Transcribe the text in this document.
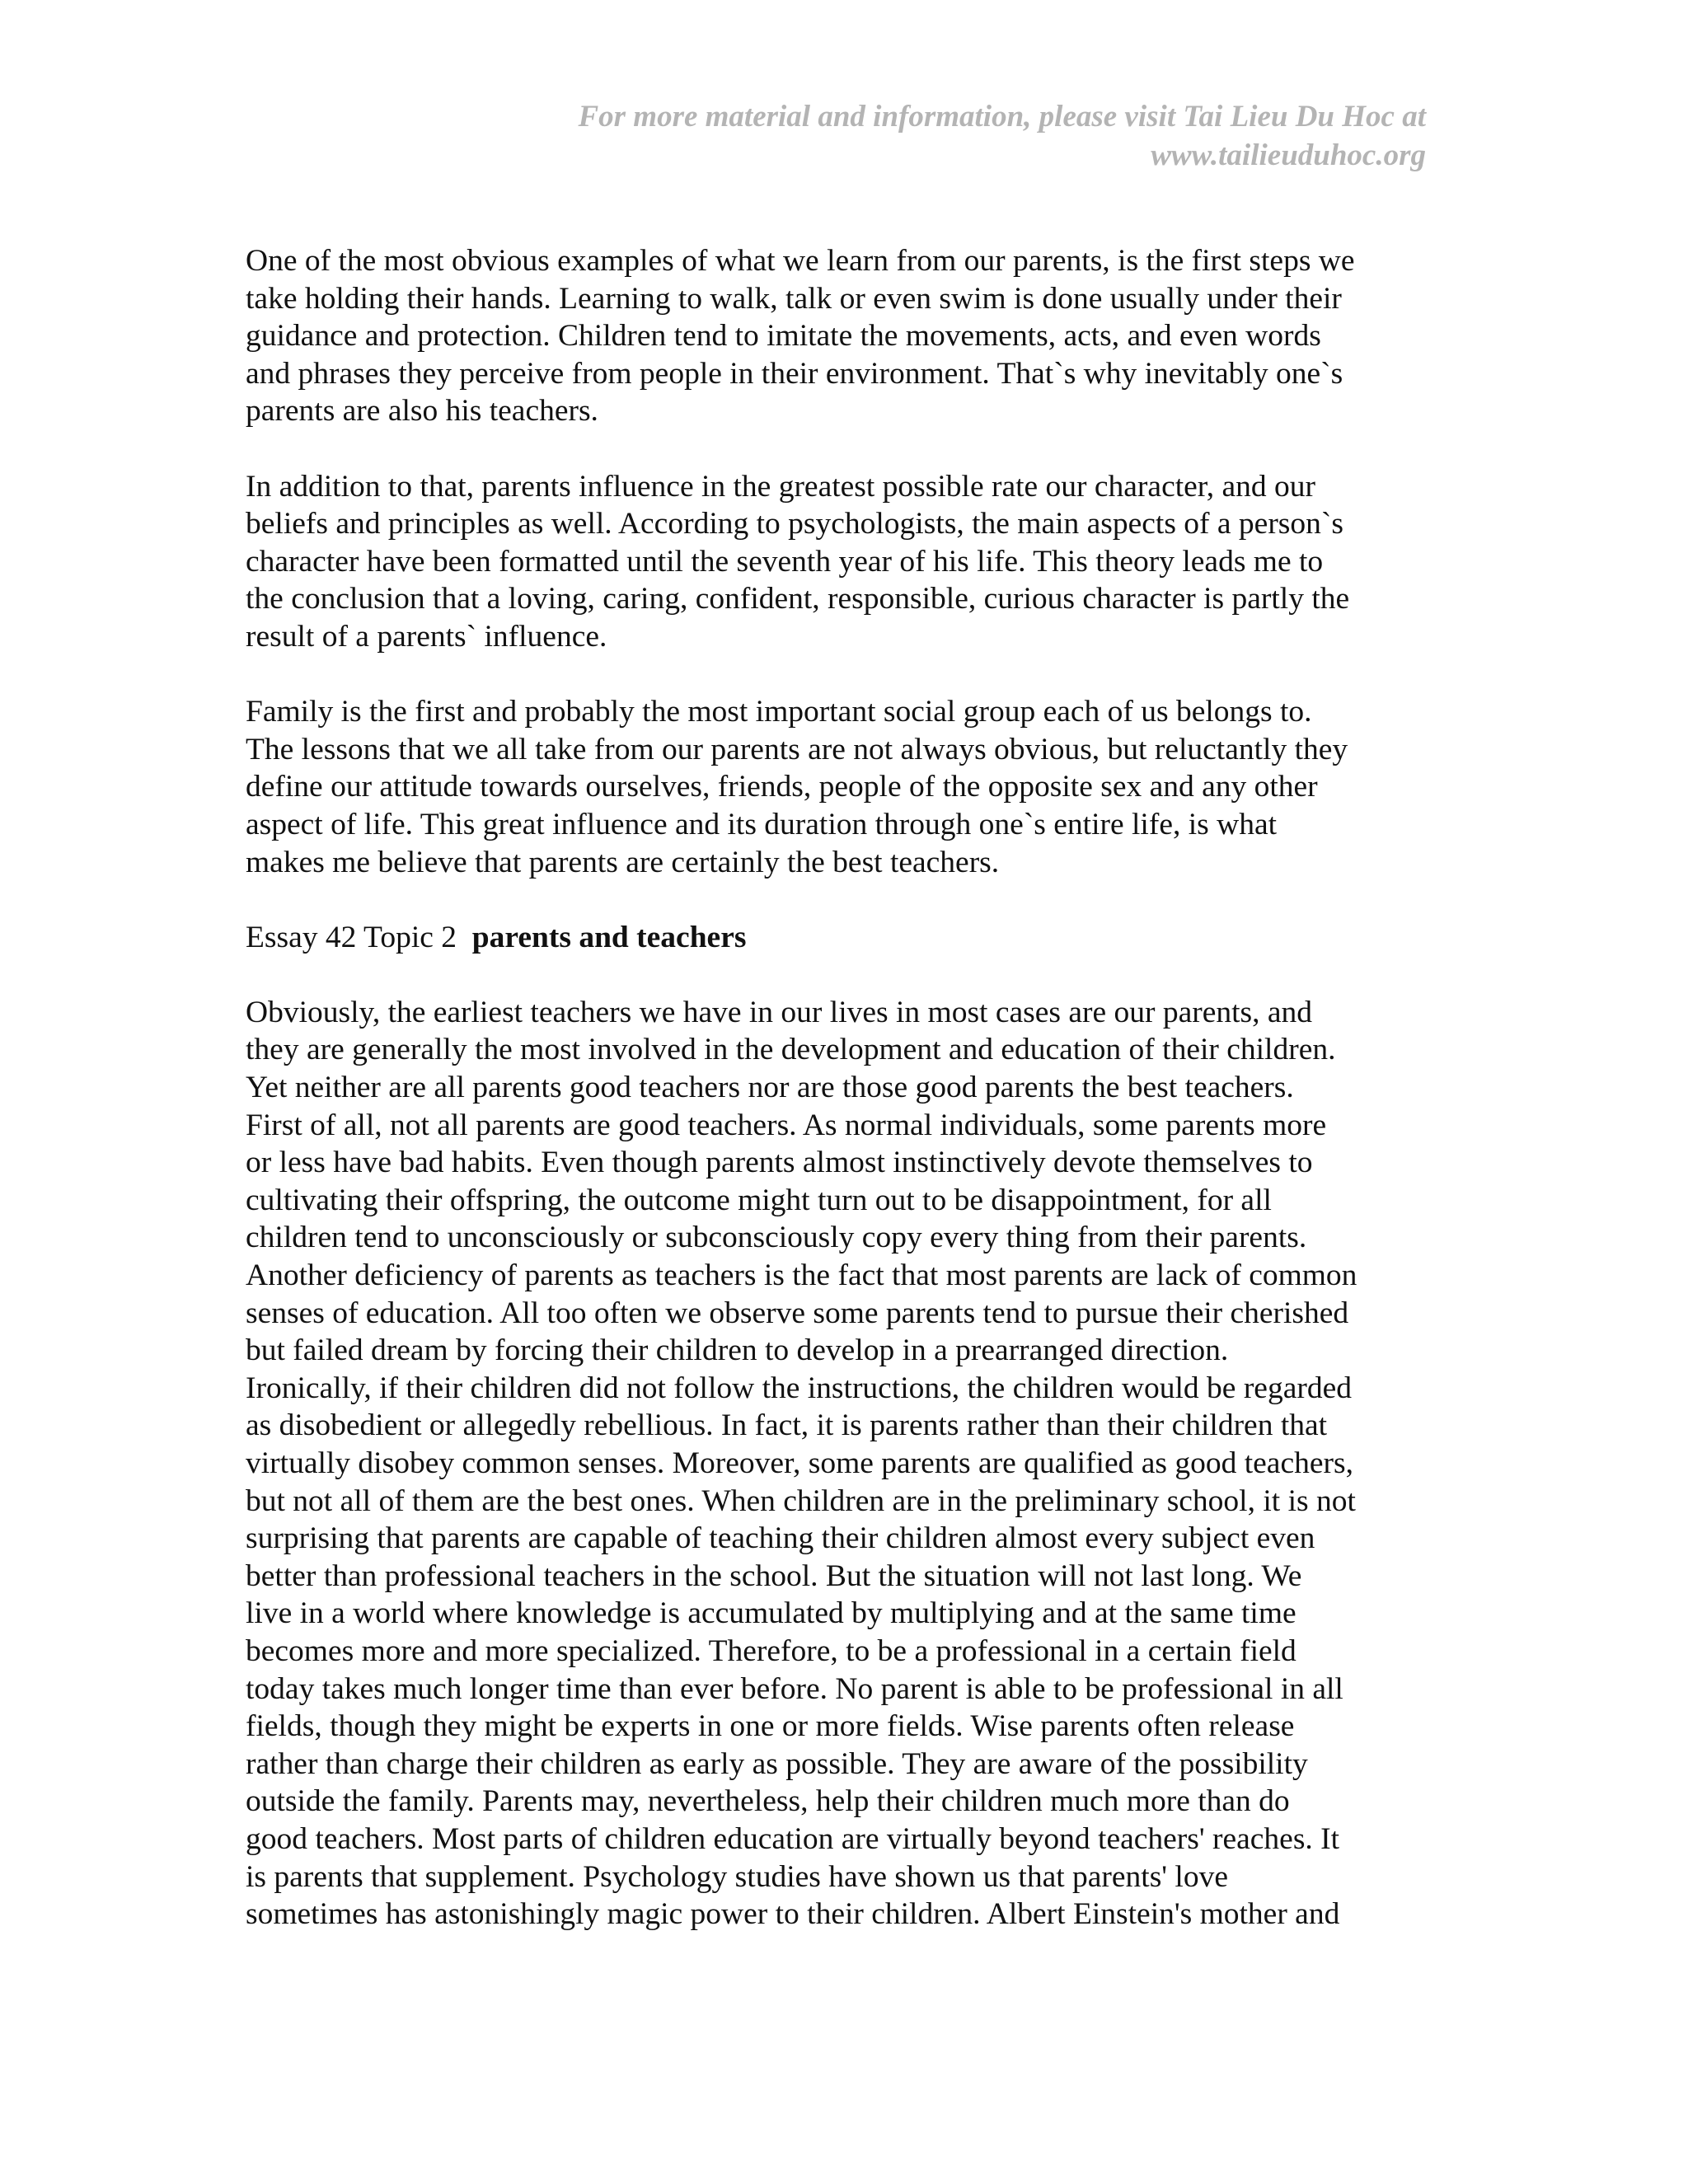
For more material and information, please visit Tai Lieu Du Hoc at
www.tailieuduhoc.org

One of the most obvious examples of what we learn from our parents, is the first steps we
take holding their hands. Learning to walk, talk or even swim is done usually under their
guidance and protection. Children tend to imitate the movements, acts, and even words
and phrases they perceive from people in their environment. That`s why inevitably one`s
parents are also his teachers.

In addition to that, parents influence in the greatest possible rate our character, and our
beliefs and principles as well. According to psychologists, the main aspects of a person`s
character have been formatted until the seventh year of his life. This theory leads me to
the conclusion that a loving, caring, confident, responsible, curious character is partly the
result of a parents` influence.

Family is the first and probably the most important social group each of us belongs to.
The lessons that we all take from our parents are not always obvious, but reluctantly they
define our attitude towards ourselves, friends, people of the opposite sex and any other
aspect of life. This great influence and its duration through one`s entire life, is what
makes me believe that parents are certainly the best teachers.

Essay 42 Topic 2 parents and teachers

Obviously, the earliest teachers we have in our lives in most cases are our parents, and
they are generally the most involved in the development and education of their children.
Yet neither are all parents good teachers nor are those good parents the best teachers.
First of all, not all parents are good teachers. As normal individuals, some parents more
or less have bad habits. Even though parents almost instinctively devote themselves to
cultivating their offspring, the outcome might turn out to be disappointment, for all
children tend to unconsciously or subconsciously copy every thing from their parents.
Another deficiency of parents as teachers is the fact that most parents are lack of common
senses of education. All too often we observe some parents tend to pursue their cherished
but failed dream by forcing their children to develop in a prearranged direction.
Ironically, if their children did not follow the instructions, the children would be regarded
as disobedient or allegedly rebellious. In fact, it is parents rather than their children that
virtually disobey common senses. Moreover, some parents are qualified as good teachers,
but not all of them are the best ones. When children are in the preliminary school, it is not
surprising that parents are capable of teaching their children almost every subject even
better than professional teachers in the school. But the situation will not last long. We
live in a world where knowledge is accumulated by multiplying and at the same time
becomes more and more specialized. Therefore, to be a professional in a certain field
today takes much longer time than ever before. No parent is able to be professional in all
fields, though they might be experts in one or more fields. Wise parents often release
rather than charge their children as early as possible. They are aware of the possibility
outside the family. Parents may, nevertheless, help their children much more than do
good teachers. Most parts of children education are virtually beyond teachers' reaches. It
is parents that supplement. Psychology studies have shown us that parents' love
sometimes has astonishingly magic power to their children. Albert Einstein's mother and
